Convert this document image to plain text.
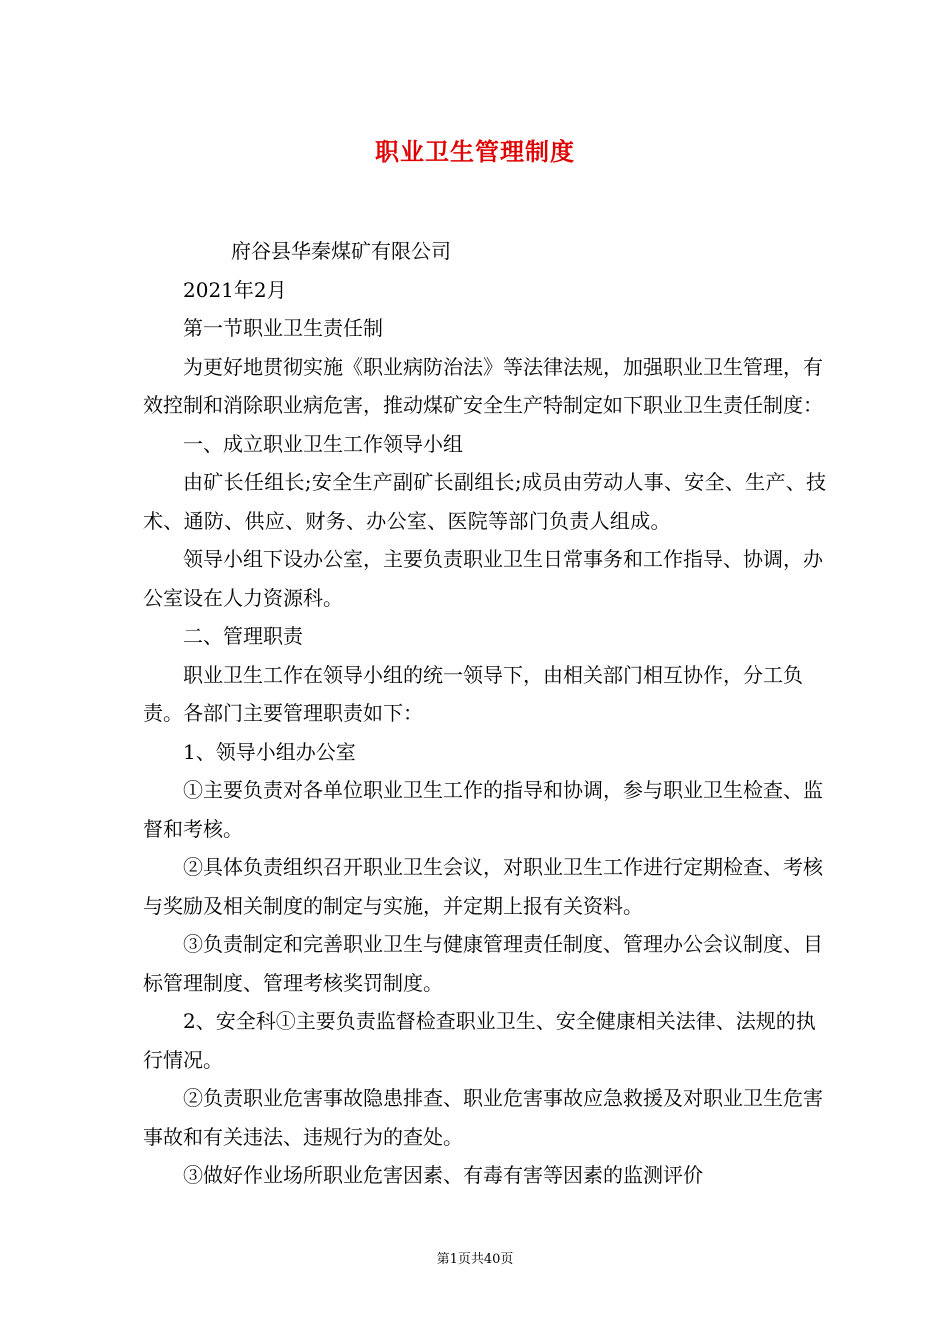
职业卫生管理制度

府谷县华秦煤矿有限公司

2021年2月

第一节职业卫生责任制

为更好地贯彻实施《职业病防治法》等法律法规，加强职业卫生管理，有效控制和消除职业病危害，推动煤矿安全生产特制定如下职业卫生责任制度：

一、成立职业卫生工作领导小组

由矿长任组长;安全生产副矿长副组长;成员由劳动人事、安全、生产、技术、通防、供应、财务、办公室、医院等部门负责人组成。

领导小组下设办公室，主要负责职业卫生日常事务和工作指导、协调，办公室设在人力资源科。

二、管理职责

职业卫生工作在领导小组的统一领导下，由相关部门相互协作，分工负责。各部门主要管理职责如下：

1、领导小组办公室

①主要负责对各单位职业卫生工作的指导和协调，参与职业卫生检查、监督和考核。

②具体负责组织召开职业卫生会议，对职业卫生工作进行定期检查、考核与奖励及相关制度的制定与实施，并定期上报有关资料。

③负责制定和完善职业卫生与健康管理责任制度、管理办公会议制度、目标管理制度、管理考核奖罚制度。

2、安全科①主要负责监督检查职业卫生、安全健康相关法律、法规的执行情况。

②负责职业危害事故隐患排查、职业危害事故应急救援及对职业卫生危害事故和有关违法、违规行为的查处。

③做好作业场所职业危害因素、有毒有害等因素的监测评价

第1页共40页
